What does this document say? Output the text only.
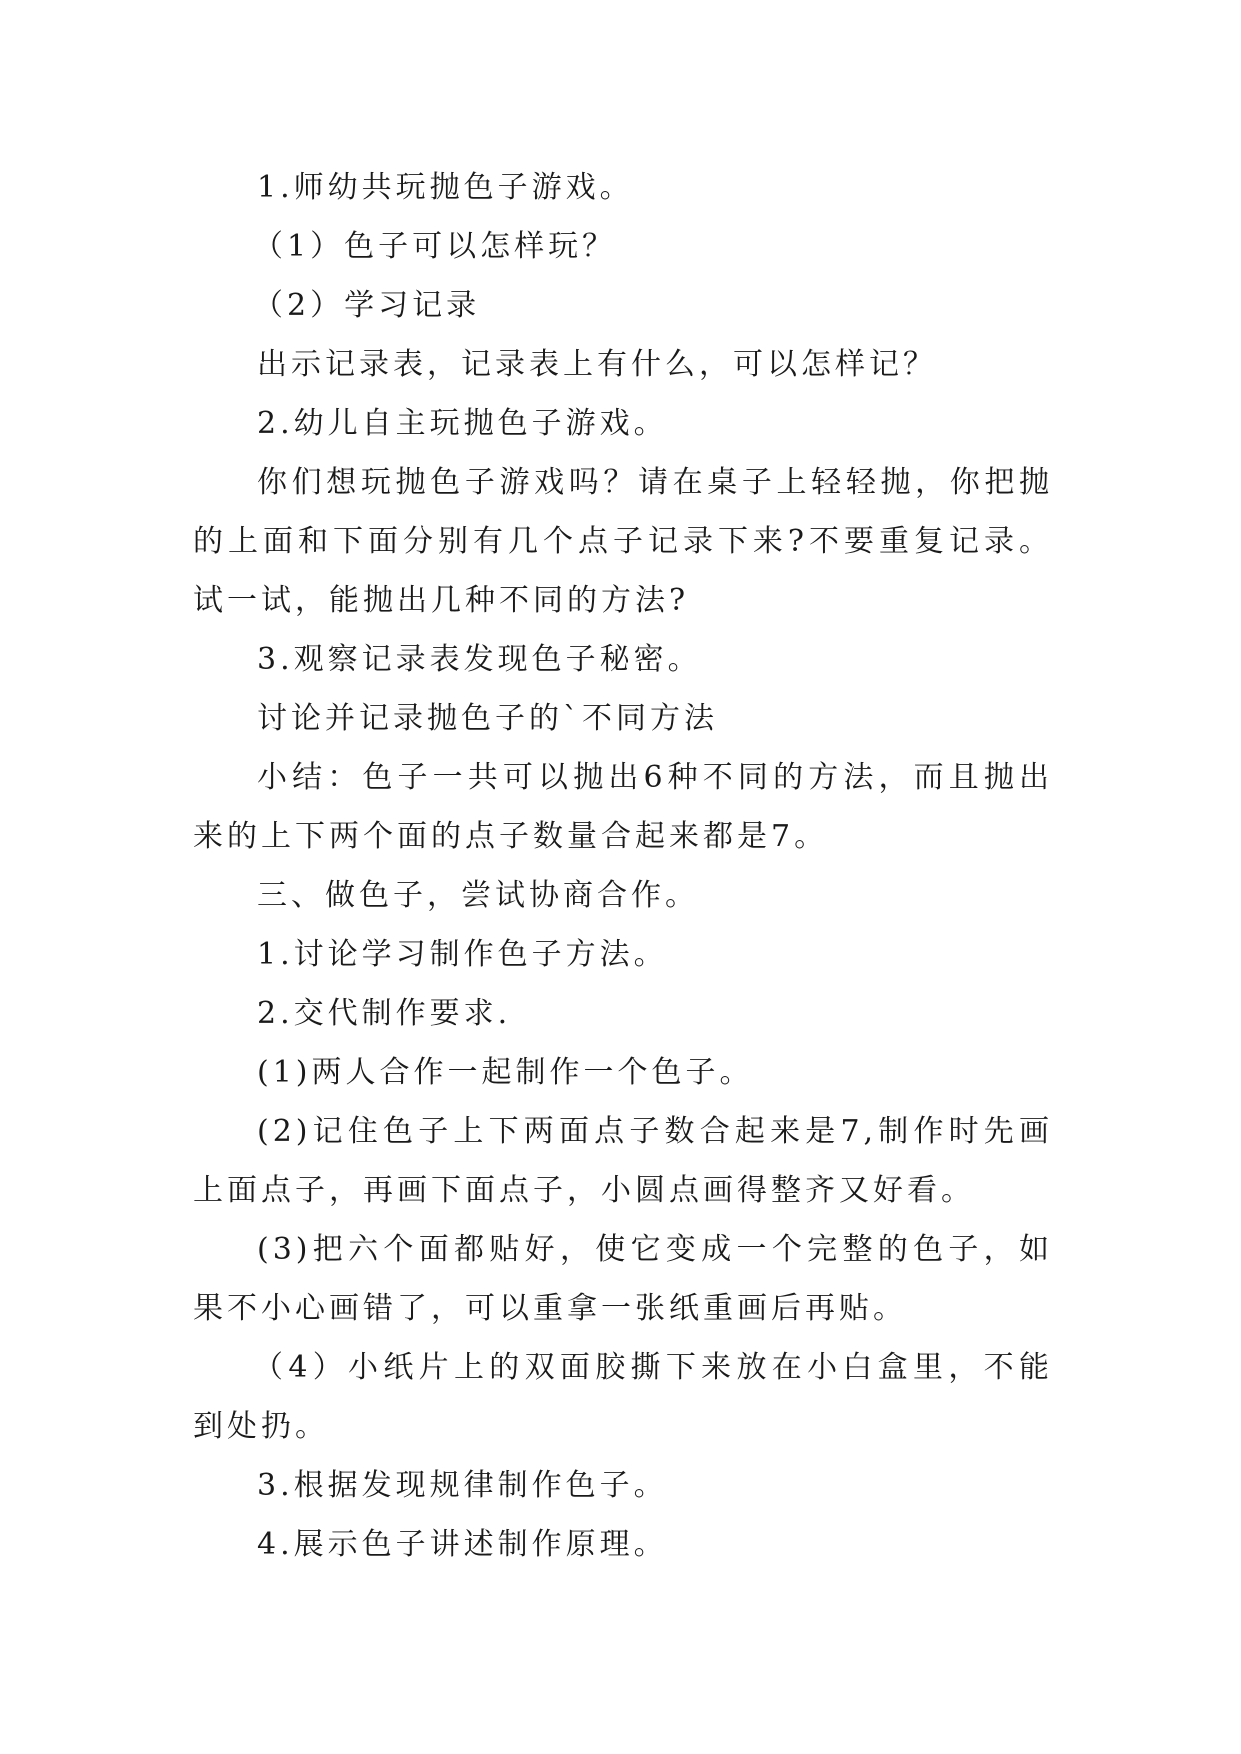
1.师幼共玩抛色子游戏。

（1）色子可以怎样玩？

（2）学习记录

出示记录表，记录表上有什么，可以怎样记？

2.幼儿自主玩抛色子游戏。

你们想玩抛色子游戏吗？请在桌子上轻轻抛，你把抛的上面和下面分别有几个点子记录下来?不要重复记录。试一试，能抛出几种不同的方法?

3.观察记录表发现色子秘密。

讨论并记录抛色子的`不同方法

小结：色子一共可以抛出6种不同的方法，而且抛出来的上下两个面的点子数量合起来都是7。

三、做色子，尝试协商合作。

1.讨论学习制作色子方法。

2.交代制作要求.

(1)两人合作一起制作一个色子。

(2)记住色子上下两面点子数合起来是7,制作时先画上面点子，再画下面点子，小圆点画得整齐又好看。

(3)把六个面都贴好，使它变成一个完整的色子，如果不小心画错了，可以重拿一张纸重画后再贴。

（4）小纸片上的双面胶撕下来放在小白盒里，不能到处扔。

3.根据发现规律制作色子。

4.展示色子讲述制作原理。
